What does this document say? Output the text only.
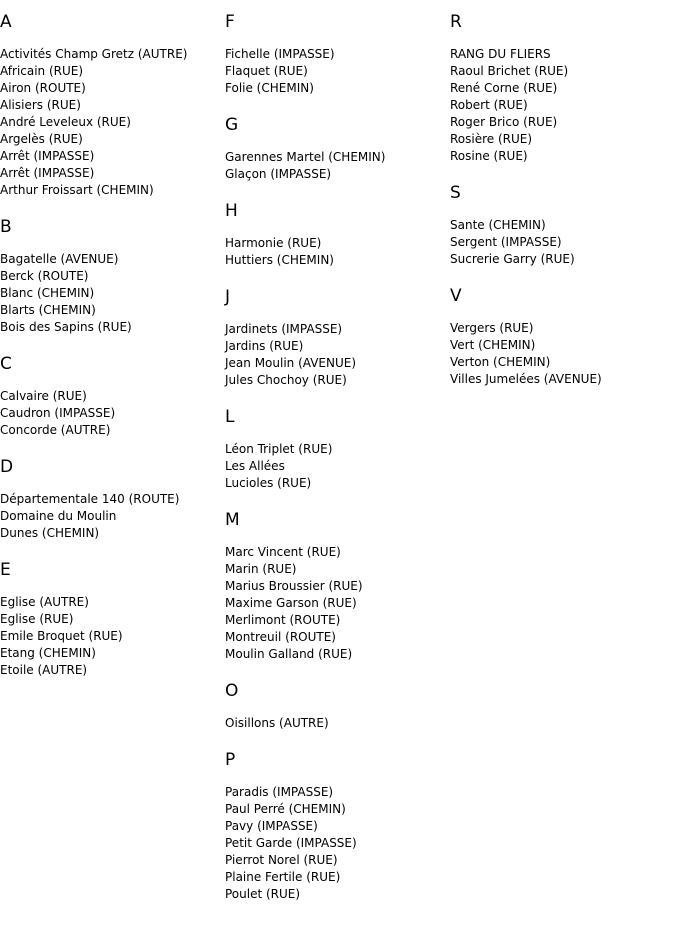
A
Activités Champ Gretz (AUTRE)
Africain (RUE)
Airon (ROUTE)
Alisiers (RUE)
André Leveleux (RUE)
Argelès (RUE)
Arrêt (IMPASSE)
Arrêt (IMPASSE)
Arthur Froissart (CHEMIN)
B
Bagatelle (AVENUE)
Berck (ROUTE)
Blanc (CHEMIN)
Blarts (CHEMIN)
Bois des Sapins (RUE)
C
Calvaire (RUE)
Caudron (IMPASSE)
Concorde (AUTRE)
D
Départementale 140 (ROUTE)
Domaine du Moulin
Dunes (CHEMIN)
E
Eglise (AUTRE)
Eglise (RUE)
Emile Broquet (RUE)
Etang (CHEMIN)
Etoile (AUTRE)
F
Fichelle (IMPASSE)
Flaquet (RUE)
Folie (CHEMIN)
G
Garennes Martel (CHEMIN)
Glaçon (IMPASSE)
H
Harmonie (RUE)
Huttiers (CHEMIN)
J
Jardinets (IMPASSE)
Jardins (RUE)
Jean Moulin (AVENUE)
Jules Chochoy (RUE)
L
Léon Triplet (RUE)
Les Allées
Lucioles (RUE)
M
Marc Vincent (RUE)
Marin (RUE)
Marius Broussier (RUE)
Maxime Garson (RUE)
Merlimont (ROUTE)
Montreuil (ROUTE)
Moulin Galland (RUE)
O
Oisillons (AUTRE)
P
Paradis (IMPASSE)
Paul Perré (CHEMIN)
Pavy (IMPASSE)
Petit Garde (IMPASSE)
Pierrot Norel (RUE)
Plaine Fertile (RUE)
Poulet (RUE)
R
RANG DU FLIERS
Raoul Brichet (RUE)
René Corne (RUE)
Robert (RUE)
Roger Brico (RUE)
Rosière (RUE)
Rosine (RUE)
S
Sante (CHEMIN)
Sergent (IMPASSE)
Sucrerie Garry (RUE)
V
Vergers (RUE)
Vert (CHEMIN)
Verton (CHEMIN)
Villes Jumelées (AVENUE)
